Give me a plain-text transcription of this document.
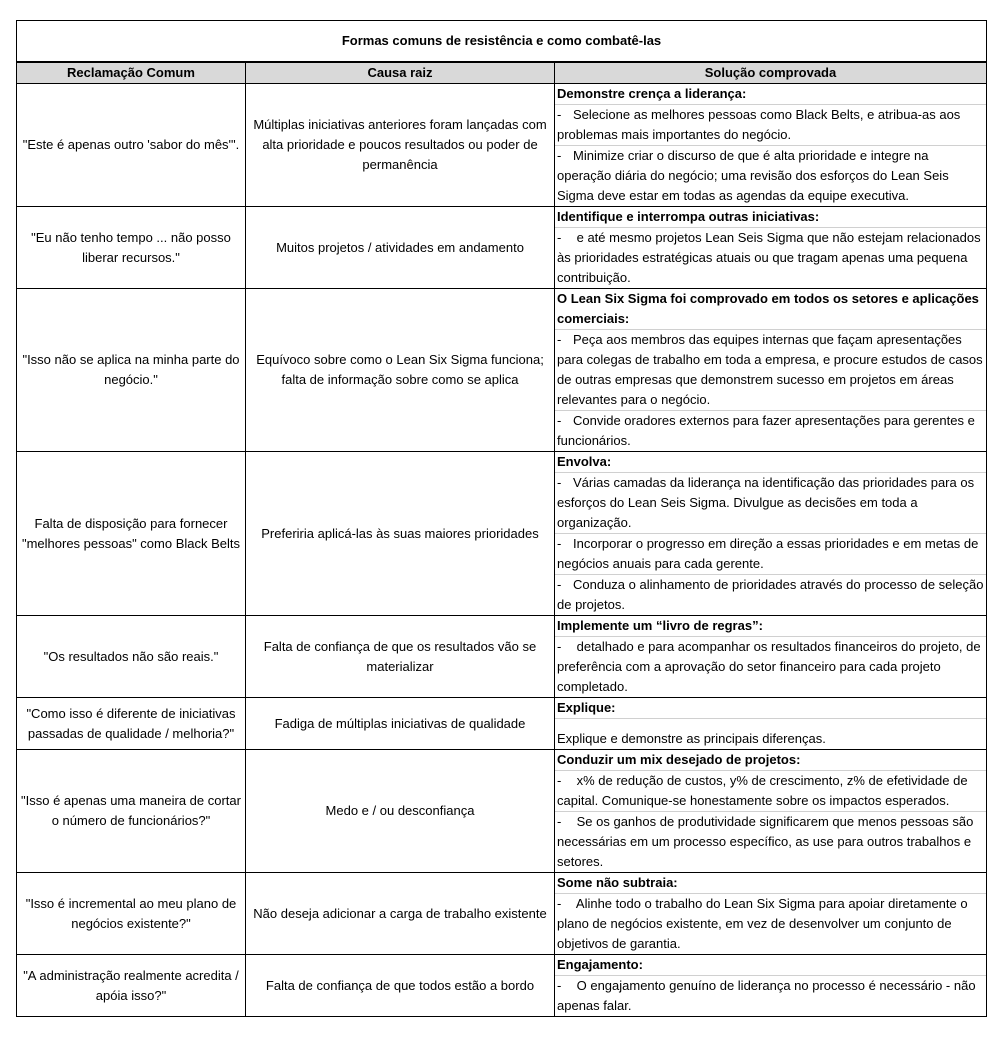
Formas comuns de resistência e como combatê-las		
Reclamação Comum	Causa raiz	Solução comprovada
"Este é apenas outro 'sabor do mês'".	Múltiplas iniciativas anteriores foram lançadas com alta prioridade e poucos resultados ou poder de permanência	Demonstre crença a liderança:
- Selecione as melhores pessoas como Black Belts, e atribua-as aos problemas mais importantes do negócio.
- Minimize criar o discurso de que é alta prioridade e integre na operação diária do negócio; uma revisão dos esforços do Lean Seis Sigma deve estar em todas as agendas da equipe executiva.

"Eu não tenho tempo ... não posso liberar recursos."	Muitos projetos / atividades em andamento	Identifique e interrompa outras iniciativas:
- e até mesmo projetos Lean Seis Sigma que não estejam relacionados às prioridades estratégicas atuais ou que tragam apenas uma pequena contribuição.

"Isso não se aplica na minha parte do negócio."	Equívoco sobre como o Lean Six Sigma funciona; falta de informação sobre como se aplica	O Lean Six Sigma foi comprovado em todos os setores e aplicações comerciais:
- Peça aos membros das equipes internas que façam apresentações para colegas de trabalho em toda a empresa, e procure estudos de casos de outras empresas que demonstrem sucesso em projetos em áreas relevantes para o negócio.
- Convide oradores externos para fazer apresentações para gerentes e funcionários.

Falta de disposição para fornecer "melhores pessoas" como Black Belts	Preferiria aplicá-las às suas maiores prioridades	Envolva:
- Várias camadas da liderança na identificação das prioridades para os esforços do Lean Seis Sigma. Divulgue as decisões em toda a organização.
- Incorporar o progresso em direção a essas prioridades e em metas de negócios anuais para cada gerente.
- Conduza o alinhamento de prioridades através do processo de seleção de projetos.

"Os resultados não são reais."	Falta de confiança de que os resultados vão se materializar	Implemente um “livro de regras”:
- detalhado e para acompanhar os resultados financeiros do projeto, de preferência com a aprovação do setor financeiro para cada projeto completado.

"Como isso é diferente de iniciativas passadas de qualidade / melhoria?"	Fadiga de múltiplas iniciativas de qualidade	Explique:
Explique e demonstre as principais diferenças.

"Isso é apenas uma maneira de cortar o número de funcionários?"	Medo e / ou desconfiança	Conduzir um mix desejado de projetos:
- x% de redução de custos, y% de crescimento, z% de efetividade de capital. Comunique-se honestamente sobre os impactos esperados.
- Se os ganhos de produtividade significarem que menos pessoas são necessárias em um processo específico, as use para outros trabalhos e setores.

"Isso é incremental ao meu plano de negócios existente?"	Não deseja adicionar a carga de trabalho existente	Some não subtraia:
- Alinhe todo o trabalho do Lean Six Sigma para apoiar diretamente o plano de negócios existente, em vez de desenvolver um conjunto de objetivos de garantia.

"A administração realmente acredita / apóia isso?"	Falta de confiança de que todos estão a bordo	Engajamento:
- O engajamento genuíno de liderança no processo é necessário - não apenas falar.
